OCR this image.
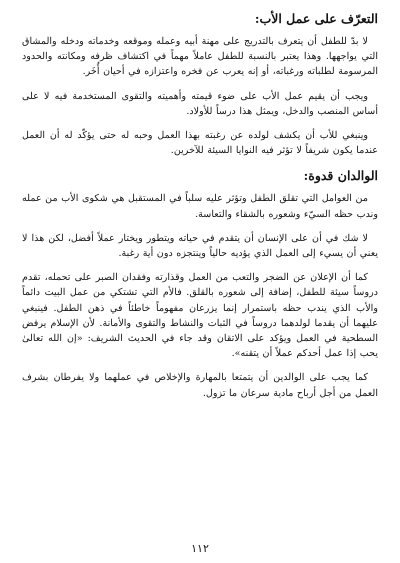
التعرّف على عمل الأب:

لا بدّ للطفل أن يتعرف بالتدريج على مهنة أبيه وعمله وموقعه وخدماته ودخله والمشاق التي يواجهها. وهذا يعتبر بالنسبة للطفل عاملاً مهماً في اكتشاف ظرفه ومكانته والحدود المرسومة لطلباته ورغباته، أو إنه يعرب عن فخره واعتزازه في أحيان أُخَر.

ويجب أن يقيم عمل الأب على ضوء قيمته وأهميته والتقوى المستخدمة فيه لا على أساس المنصب والدخل، ويمثل هذا درساً للأولاد.

وينبغي للأب أن يكشف لولده عن رغبته بهذا العمل وحبه له حتى يؤكّد له أن العمل عندما يكون شريفاً لا تؤثر فيه النوايا السيئة للآخرين.

الوالدان قدوة:

من العوامل التي تقلق الطفل وتؤثر عليه سلباً في المستقبل هي شكوى الأب من عمله وندب حظه السيّء وشعوره بالشقاء والتعاسة.

لا شك في أن على الإنسان أن يتقدم في حياته ويتطور ويختار عملاً أفضل، لكن هذا لا يعني أن يسيء إلى العمل الذي يؤديه حالياً وينتجزه دون أية رغبة.

كما أن الإعلان عن الضجر والتعب من العمل وقذارته وفقدان الصبر على تحمله، تقدم دروساً سيئة للطفل، إضافة إلى شعوره بالقلق. فالأم التي تشتكي من عمل البيت دائماً والأب الذي يندب حظه باستمرار إنما يزرعان مفهوماً خاطئاً في ذهن الطفل. فينبغي عليهما أن يقدما لولدهما دروساً في الثبات والنشاط والتقوى والأمانة. لأن الإسلام يرفض السطحية في العمل ويؤكد على الاتقان وقد جاء في الحديث الشريف: «إن الله تعالىٰ يحب إذا عمل أحدكم عملاً أن يتقنه».

كما يجب على الوالدين أن يتمتعا بالمهارة والإخلاص في عملهما ولا يفرطان بشرف العمل من أجل أرباح مادية سرعان ما تزول.

١١٢
